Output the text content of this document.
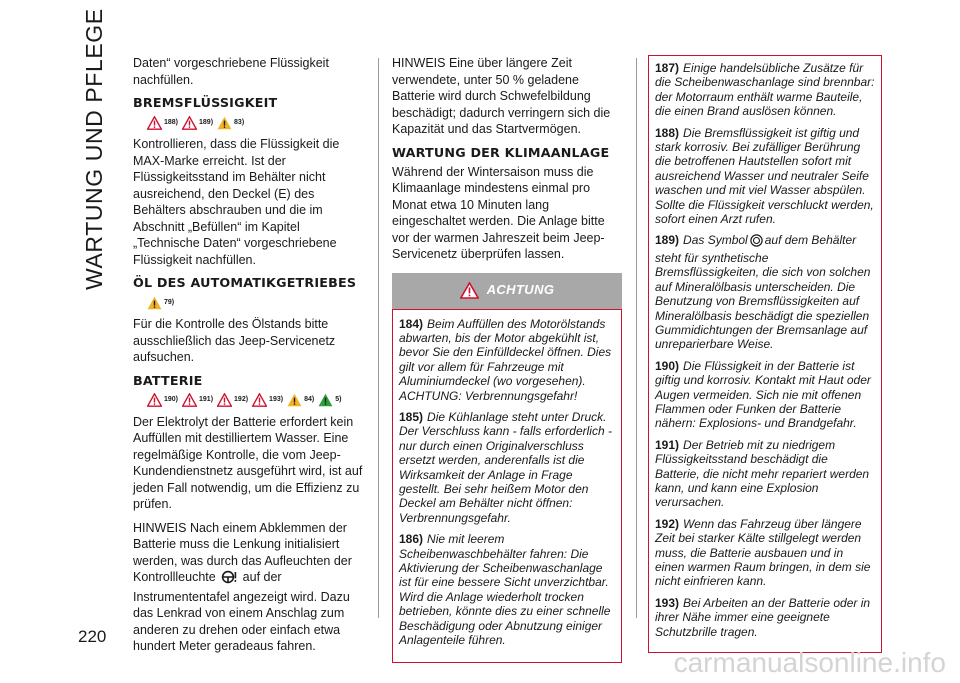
WARTUNG UND PFLEGE
220

Daten“ vorgeschriebene Flüssigkeit nachfüllen.

BREMSFLÜSSIGKEIT
188)	189)	83)

Kontrollieren, dass die Flüssigkeit die MAX-Marke erreicht. Ist der Flüssigkeitsstand im Behälter nicht ausreichend, den Deckel (E) des Behälters abschrauben und die im Abschnitt „Befüllen“ im Kapitel „Technische Daten“ vorgeschriebene Flüssigkeit nachfüllen.

ÖL DES AUTOMATIKGETRIEBES
79)

Für die Kontrolle des Ölstands bitte ausschließlich das Jeep-Servicenetz aufsuchen.

BATTERIE
190)	191)	192)	193)	84)	5)

Der Elektrolyt der Batterie erfordert kein Auffüllen mit destilliertem Wasser. Eine regelmäßige Kontrolle, die vom Jeep-Kundendienstnetz ausgeführt wird, ist auf jeden Fall notwendig, um die Effizienz zu prüfen.

HINWEIS Nach einem Abklemmen der Batterie muss die Lenkung initialisiert werden, was durch das Aufleuchten der Kontrollleuchte auf der Instrumententafel angezeigt wird. Dazu das Lenkrad von einem Anschlag zum anderen zu drehen oder einfach etwa hundert Meter geradeaus fahren.

HINWEIS Eine über längere Zeit verwendete, unter 50 % geladene Batterie wird durch Schwefelbildung beschädigt; dadurch verringern sich die Kapazität und das Startvermögen.

WARTUNG DER KLIMAANLAGE

Während der Wintersaison muss die Klimaanlage mindestens einmal pro Monat etwa 10 Minuten lang eingeschaltet werden. Die Anlage bitte vor der warmen Jahreszeit beim Jeep-Servicenetz überprüfen lassen.

ACHTUNG

184) Beim Auffüllen des Motorölstands abwarten, bis der Motor abgekühlt ist, bevor Sie den Einfülldeckel öffnen. Dies gilt vor allem für Fahrzeuge mit Aluminiumdeckel (wo vorgesehen). ACHTUNG: Verbrennungsgefahr!

185) Die Kühlanlage steht unter Druck. Der Verschluss kann - falls erforderlich - nur durch einen Originalverschluss ersetzt werden, anderenfalls ist die Wirksamkeit der Anlage in Frage gestellt. Bei sehr heißem Motor den Deckel am Behälter nicht öffnen: Verbrennungsgefahr.

186) Nie mit leerem Scheibenwaschbehälter fahren: Die Aktivierung der Scheibenwaschanlage ist für eine bessere Sicht unverzichtbar. Wird die Anlage wiederholt trocken betrieben, könnte dies zu einer schnelle Beschädigung oder Abnutzung einiger Anlagenteile führen.

187) Einige handelsübliche Zusätze für die Scheibenwaschanlage sind brennbar: der Motorraum enthält warme Bauteile, die einen Brand auslösen können.

188) Die Bremsflüssigkeit ist giftig und stark korrosiv. Bei zufälliger Berührung die betroffenen Hautstellen sofort mit ausreichend Wasser und neutraler Seife waschen und mit viel Wasser abspülen. Sollte die Flüssigkeit verschluckt werden, sofort einen Arzt rufen.

189) Das Symbol auf dem Behälter steht für synthetische Bremsflüssigkeiten, die sich von solchen auf Mineralölbasis unterscheiden. Die Benutzung von Bremsflüssigkeiten auf Mineralölbasis beschädigt die speziellen Gummidichtungen der Bremsanlage auf unreparierbare Weise.

190) Die Flüssigkeit in der Batterie ist giftig und korrosiv. Kontakt mit Haut oder Augen vermeiden. Sich nie mit offenen Flammen oder Funken der Batterie nähern: Explosions- und Brandgefahr.

191) Der Betrieb mit zu niedrigem Flüssigkeitsstand beschädigt die Batterie, die nicht mehr repariert werden kann, und kann eine Explosion verursachen.

192) Wenn das Fahrzeug über längere Zeit bei starker Kälte stillgelegt werden muss, die Batterie ausbauen und in einen warmen Raum bringen, in dem sie nicht einfrieren kann.

193) Bei Arbeiten an der Batterie oder in ihrer Nähe immer eine geeignete Schutzbrille tragen.

carmanualsonline.info
